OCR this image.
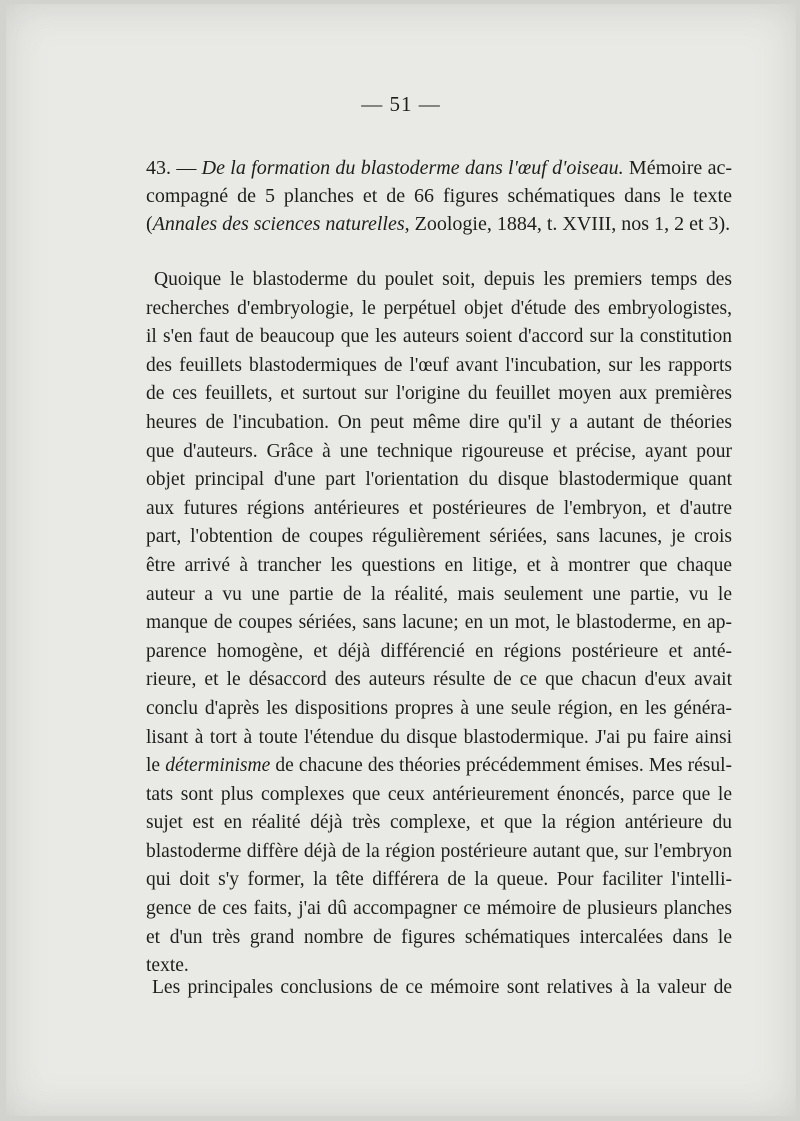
— 51 —
43. — De la formation du blastoderme dans l'œuf d'oiseau. Mémoire ac- compagné de 5 planches et de 66 figures schématiques dans le texte (Annales des sciences naturelles, Zoologie, 1884, t. XVIII, nos 1, 2 et 3).
Quoique le blastoderme du poulet soit, depuis les premiers temps des
recherches d'embryologie, le perpétuel objet d'étude des embryologistes,
il s'en faut de beaucoup que les auteurs soient d'accord sur la constitution
des feuillets blastodermiques de l'œuf avant l'incubation, sur les rapports
de ces feuillets, et surtout sur l'origine du feuillet moyen aux premières
heures de l'incubation. On peut même dire qu'il y a autant de théories
que d'auteurs. Grâce à une technique rigoureuse et précise, ayant pour
objet principal d'une part l'orientation du disque blastodermique quant
aux futures régions antérieures et postérieures de l'embryon, et d'autre
part, l'obtention de coupes régulièrement sériées, sans lacunes, je crois
être arrivé à trancher les questions en litige, et à montrer que chaque
auteur a vu une partie de la réalité, mais seulement une partie, vu le
manque de coupes sériées, sans lacune; en un mot, le blastoderme, en ap-
parence homogène, et déjà différencié en régions postérieure et anté-
rieure, et le désaccord des auteurs résulte de ce que chacun d'eux avait
conclu d'après les dispositions propres à une seule région, en les généra-
lisant à tort à toute l'étendue du disque blastodermique. J'ai pu faire ainsi
le déterminisme de chacune des théories précédemment émises. Mes résul-
tats sont plus complexes que ceux antérieurement énoncés, parce que le
sujet est en réalité déjà très complexe, et que la région antérieure du
blastoderme diffère déjà de la région postérieure autant que, sur l'embryon
qui doit s'y former, la tête différera de la queue. Pour faciliter l'intelli-
gence de ces faits, j'ai dû accompagner ce mémoire de plusieurs planches
et d'un très grand nombre de figures schématiques intercalées dans le
texte.
Les principales conclusions de ce mémoire sont relatives à la valeur de
